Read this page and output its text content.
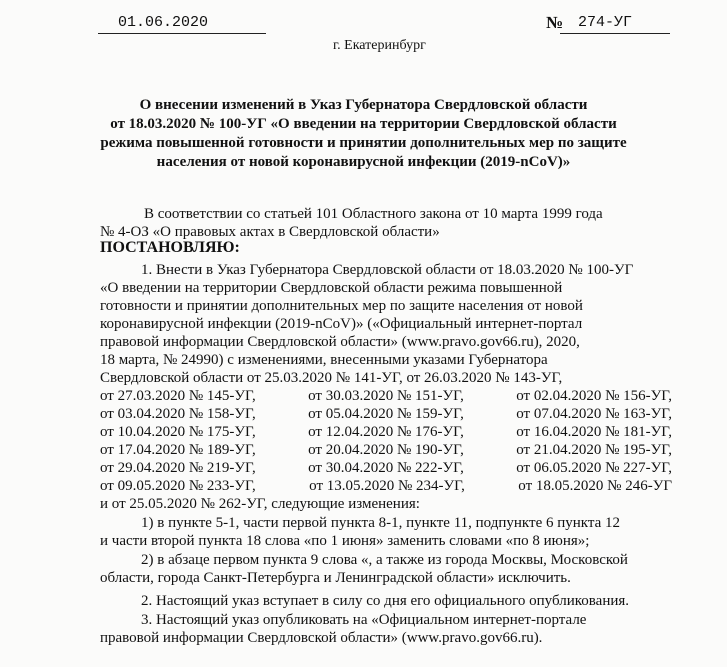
01.06.2020	№ 274-УГ
г. Екатеринбург
О внесении изменений в Указ Губернатора Свердловской области
от 18.03.2020 № 100-УГ «О введении на территории Свердловской области
режима повышенной готовности и принятии дополнительных мер по защите
населения от новой коронавирусной инфекции (2019-nCoV)»
В соответствии со статьей 101 Областного закона от 10 марта 1999 года
№ 4-ОЗ «О правовых актах в Свердловской области»
ПОСТАНОВЛЯЮ:
1. Внести в Указ Губернатора Свердловской области от 18.03.2020 № 100-УГ
«О введении на территории Свердловской области режима повышенной
готовности и принятии дополнительных мер по защите населения от новой
коронавирусной инфекции (2019-nCoV)» («Официальный интернет-портал
правовой информации Свердловской области» (www.pravo.gov66.ru), 2020,
18 марта, № 24990) с изменениями, внесенными указами Губернатора
Свердловской области от 25.03.2020 № 141-УГ, от 26.03.2020 № 143-УГ,
от 27.03.2020 № 145-УГ,	от 30.03.2020 № 151-УГ,	от 02.04.2020 № 156-УГ,
от 03.04.2020 № 158-УГ,	от 05.04.2020 № 159-УГ,	от 07.04.2020 № 163-УГ,
от 10.04.2020 № 175-УГ,	от 12.04.2020 № 176-УГ,	от 16.04.2020 № 181-УГ,
от 17.04.2020 № 189-УГ,	от 20.04.2020 № 190-УГ,	от 21.04.2020 № 195-УГ,
от 29.04.2020 № 219-УГ,	от 30.04.2020 № 222-УГ,	от 06.05.2020 № 227-УГ,
от 09.05.2020 № 233-УГ,	от 13.05.2020 № 234-УГ,	от 18.05.2020 № 246-УГ
и от 25.05.2020 № 262-УГ, следующие изменения:
1) в пункте 5-1, части первой пункта 8-1, пункте 11, подпункте 6 пункта 12
и части второй пункта 18 слова «по 1 июня» заменить словами «по 8 июня»;
2) в абзаце первом пункта 9 слова «, а также из города Москвы, Московской
области, города Санкт-Петербурга и Ленинградской области» исключить.
2. Настоящий указ вступает в силу со дня его официального опубликования.
3. Настоящий указ опубликовать на «Официальном интернет-портале
правовой информации Свердловской области» (www.pravo.gov66.ru).
